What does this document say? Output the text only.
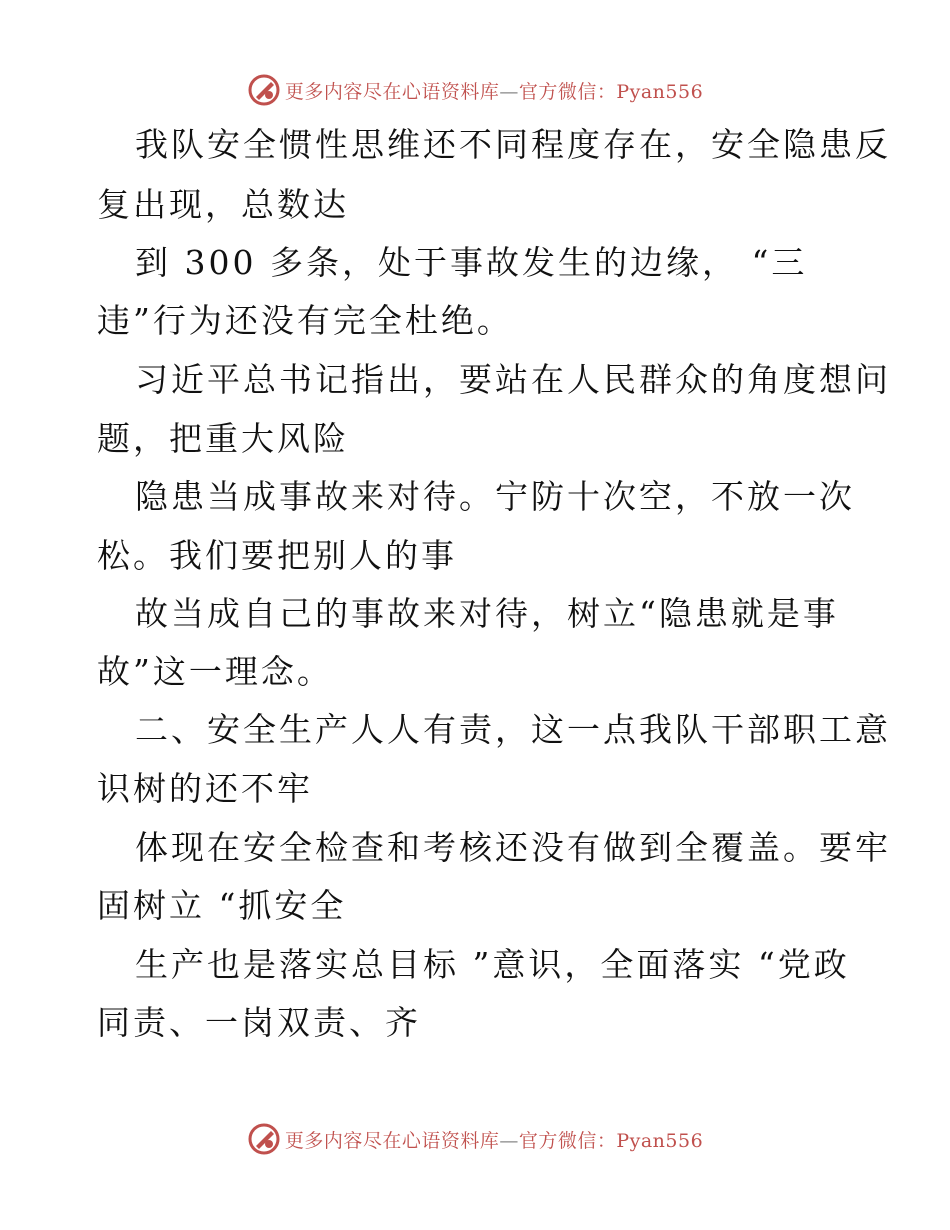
更多内容尽在心语资料库—官方微信：Pyan556
我队安全惯性思维还不同程度存在，安全隐患反
复出现，总数达
到 300 多条，处于事故发生的边缘， “三
违”行为还没有完全杜绝。
习近平总书记指出，要站在人民群众的角度想问
题，把重大风险
隐患当成事故来对待。宁防十次空，不放一次
松。我们要把别人的事
故当成自己的事故来对待，树立“隐患就是事
故”这一理念。
二、安全生产人人有责，这一点我队干部职工意
识树的还不牢
体现在安全检查和考核还没有做到全覆盖。要牢
固树立 “抓安全
生产也是落实总目标 ”意识，全面落实 “党政
同责、一岗双责、齐
更多内容尽在心语资料库—官方微信：Pyan556
